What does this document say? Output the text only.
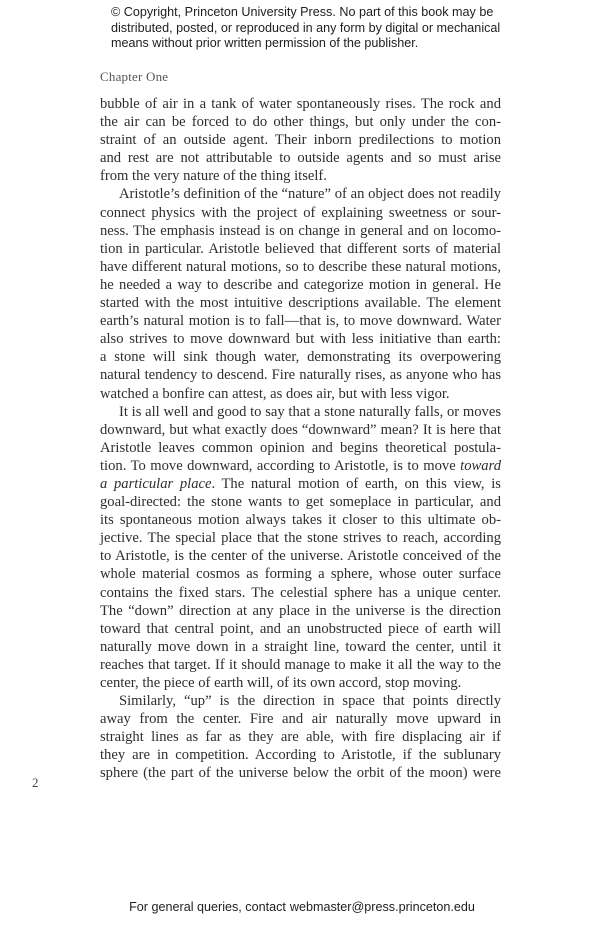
© Copyright, Princeton University Press. No part of this book may be
distributed, posted, or reproduced in any form by digital or mechanical
means without prior written permission of the publisher.
Chapter One
bubble of air in a tank of water spontaneously rises. The rock and
the air can be forced to do other things, but only under the con-
straint of an outside agent. Their inborn predilections to motion
and rest are not attributable to outside agents and so must arise
from the very nature of the thing itself.
Aristotle’s definition of the “nature” of an object does not readily
connect physics with the project of explaining sweetness or sour-
ness. The emphasis instead is on change in general and on locomo-
tion in particular. Aristotle believed that different sorts of material
have different natural motions, so to describe these natural motions,
he needed a way to describe and categorize motion in general. He
started with the most intuitive descriptions available. The element
earth’s natural motion is to fall—that is, to move downward. Water
also strives to move downward but with less initiative than earth:
a stone will sink though water, demonstrating its overpowering
natural tendency to descend. Fire naturally rises, as anyone who has
watched a bonfire can attest, as does air, but with less vigor.
It is all well and good to say that a stone naturally falls, or moves
downward, but what exactly does “downward” mean? It is here that
Aristotle leaves common opinion and begins theoretical postula-
tion. To move downward, according to Aristotle, is to move toward
a particular place. The natural motion of earth, on this view, is
goal-directed: the stone wants to get someplace in particular, and
its spontaneous motion always takes it closer to this ultimate ob-
jective. The special place that the stone strives to reach, according
to Aristotle, is the center of the universe. Aristotle conceived of the
whole material cosmos as forming a sphere, whose outer surface
contains the fixed stars. The celestial sphere has a unique center.
The “down” direction at any place in the universe is the direction
toward that central point, and an unobstructed piece of earth will
naturally move down in a straight line, toward the center, until it
reaches that target. If it should manage to make it all the way to the
center, the piece of earth will, of its own accord, stop moving.
Similarly, “up” is the direction in space that points directly
away from the center. Fire and air naturally move upward in
straight lines as far as they are able, with fire displacing air if
they are in competition. According to Aristotle, if the sublunary
sphere (the part of the universe below the orbit of the moon) were
2
For general queries, contact webmaster@press.princeton.edu
